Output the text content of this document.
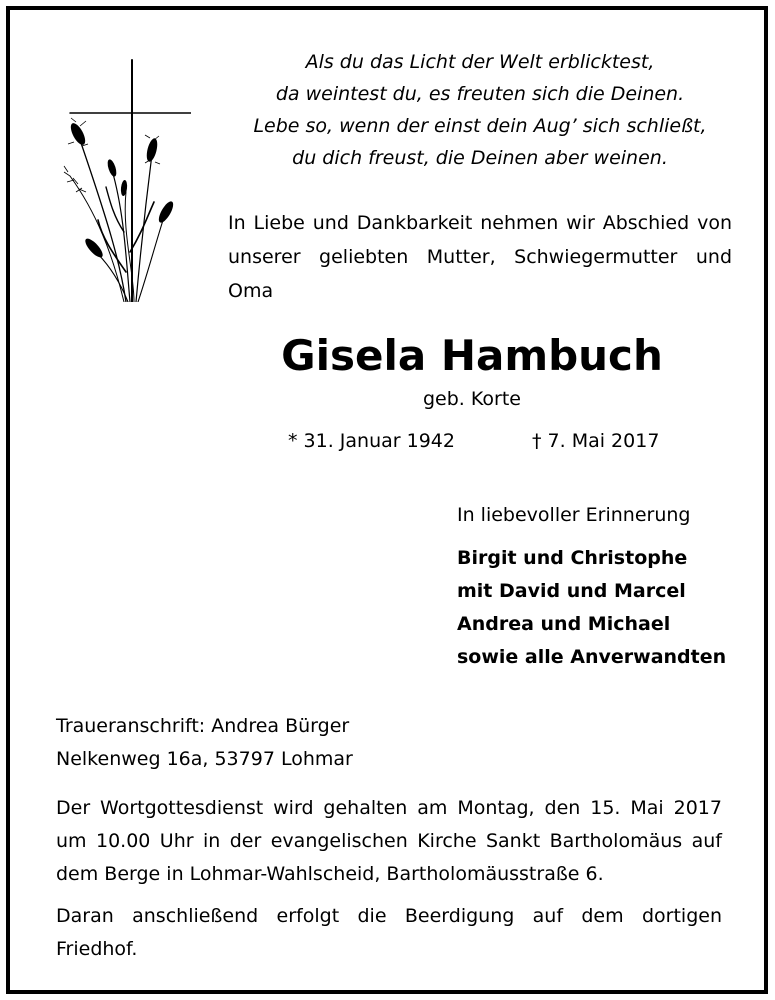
Als du das Licht der Welt erblicktest,
da weintest du, es freuten sich die Deinen.
Lebe so, wenn der einst dein Aug’ sich schließt,
du dich freust, die Deinen aber weinen.
In Liebe und Dankbarkeit nehmen wir Abschied von unserer geliebten Mutter, Schwiegermutter und Oma
Gisela Hambuch
geb. Korte
* 31. Januar 1942	† 7. Mai 2017
In liebevoller Erinnerung
Birgit und Christophe
mit David und Marcel
Andrea und Michael
sowie alle Anverwandten
Traueranschrift: Andrea Bürger
Nelkenweg 16a, 53797 Lohmar
Der Wortgottesdienst wird gehalten am Montag, den 15. Mai 2017 um 10.00 Uhr in der evangelischen Kirche Sankt Bartholomäus auf dem Berge in Lohmar-Wahlscheid, Bartholomäusstraße 6.
Daran anschließend erfolgt die Beerdigung auf dem dortigen Friedhof.
